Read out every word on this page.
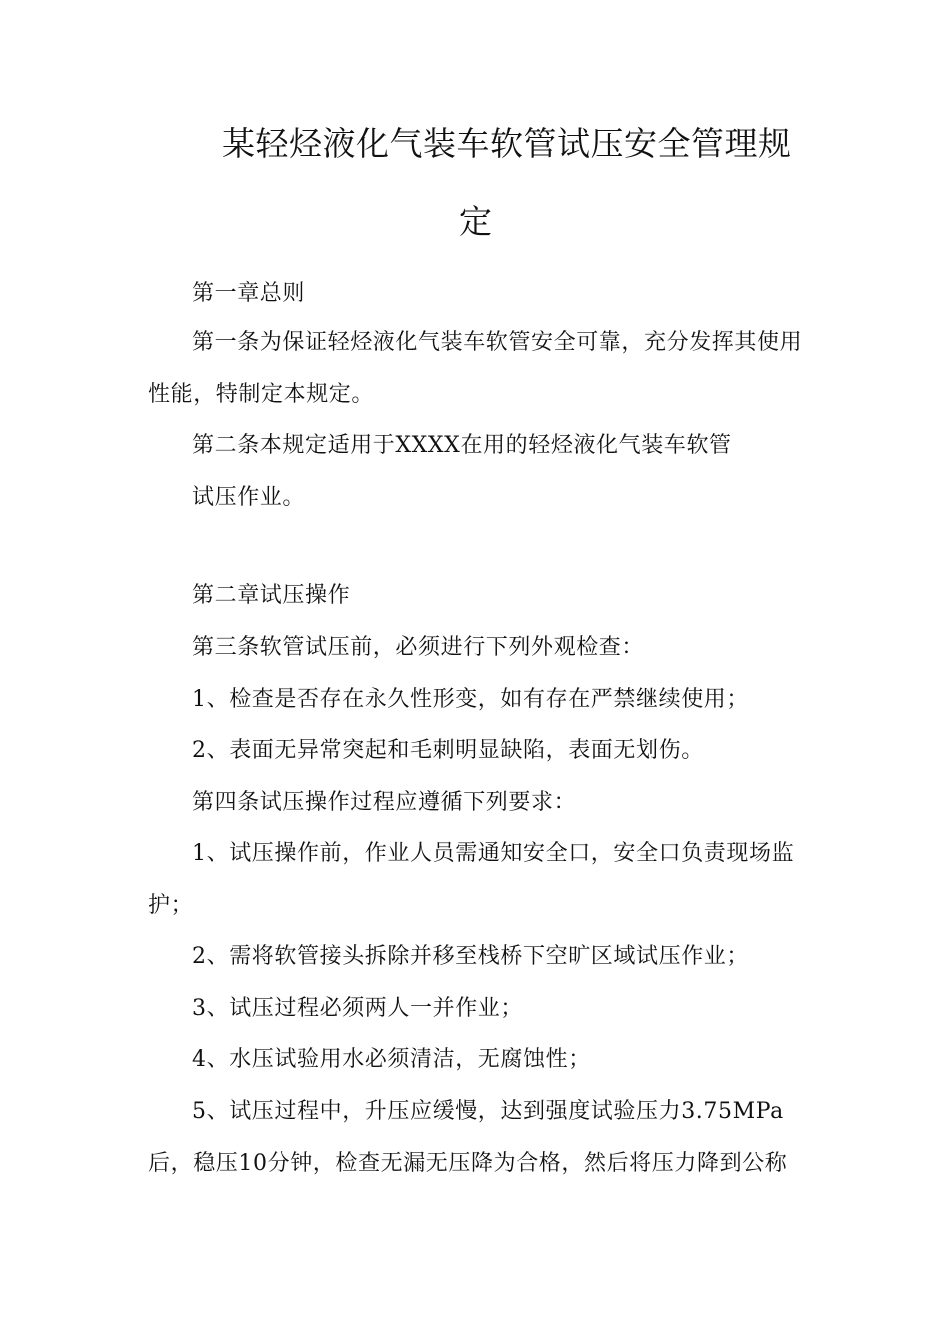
某轻烃液化气装车软管试压安全管理规
定
第一章总则
第一条为保证轻烃液化气装车软管安全可靠，充分发挥其使用
性能，特制定本规定。
第二条本规定适用于XXXX在用的轻烃液化气装车软管
试压作业。
第二章试压操作
第三条软管试压前，必须进行下列外观检查：
1、检查是否存在永久性形变，如有存在严禁继续使用；
2、表面无异常突起和毛刺明显缺陷，表面无划伤。
第四条试压操作过程应遵循下列要求：
1、试压操作前，作业人员需通知安全口，安全口负责现场监
护；
2、需将软管接头拆除并移至栈桥下空旷区域试压作业；
3、试压过程必须两人一并作业；
4、水压试验用水必须清洁，无腐蚀性；
5、试压过程中，升压应缓慢，达到强度试验压力3.75MPa
后，稳压10分钟，检查无漏无压降为合格，然后将压力降到公称
